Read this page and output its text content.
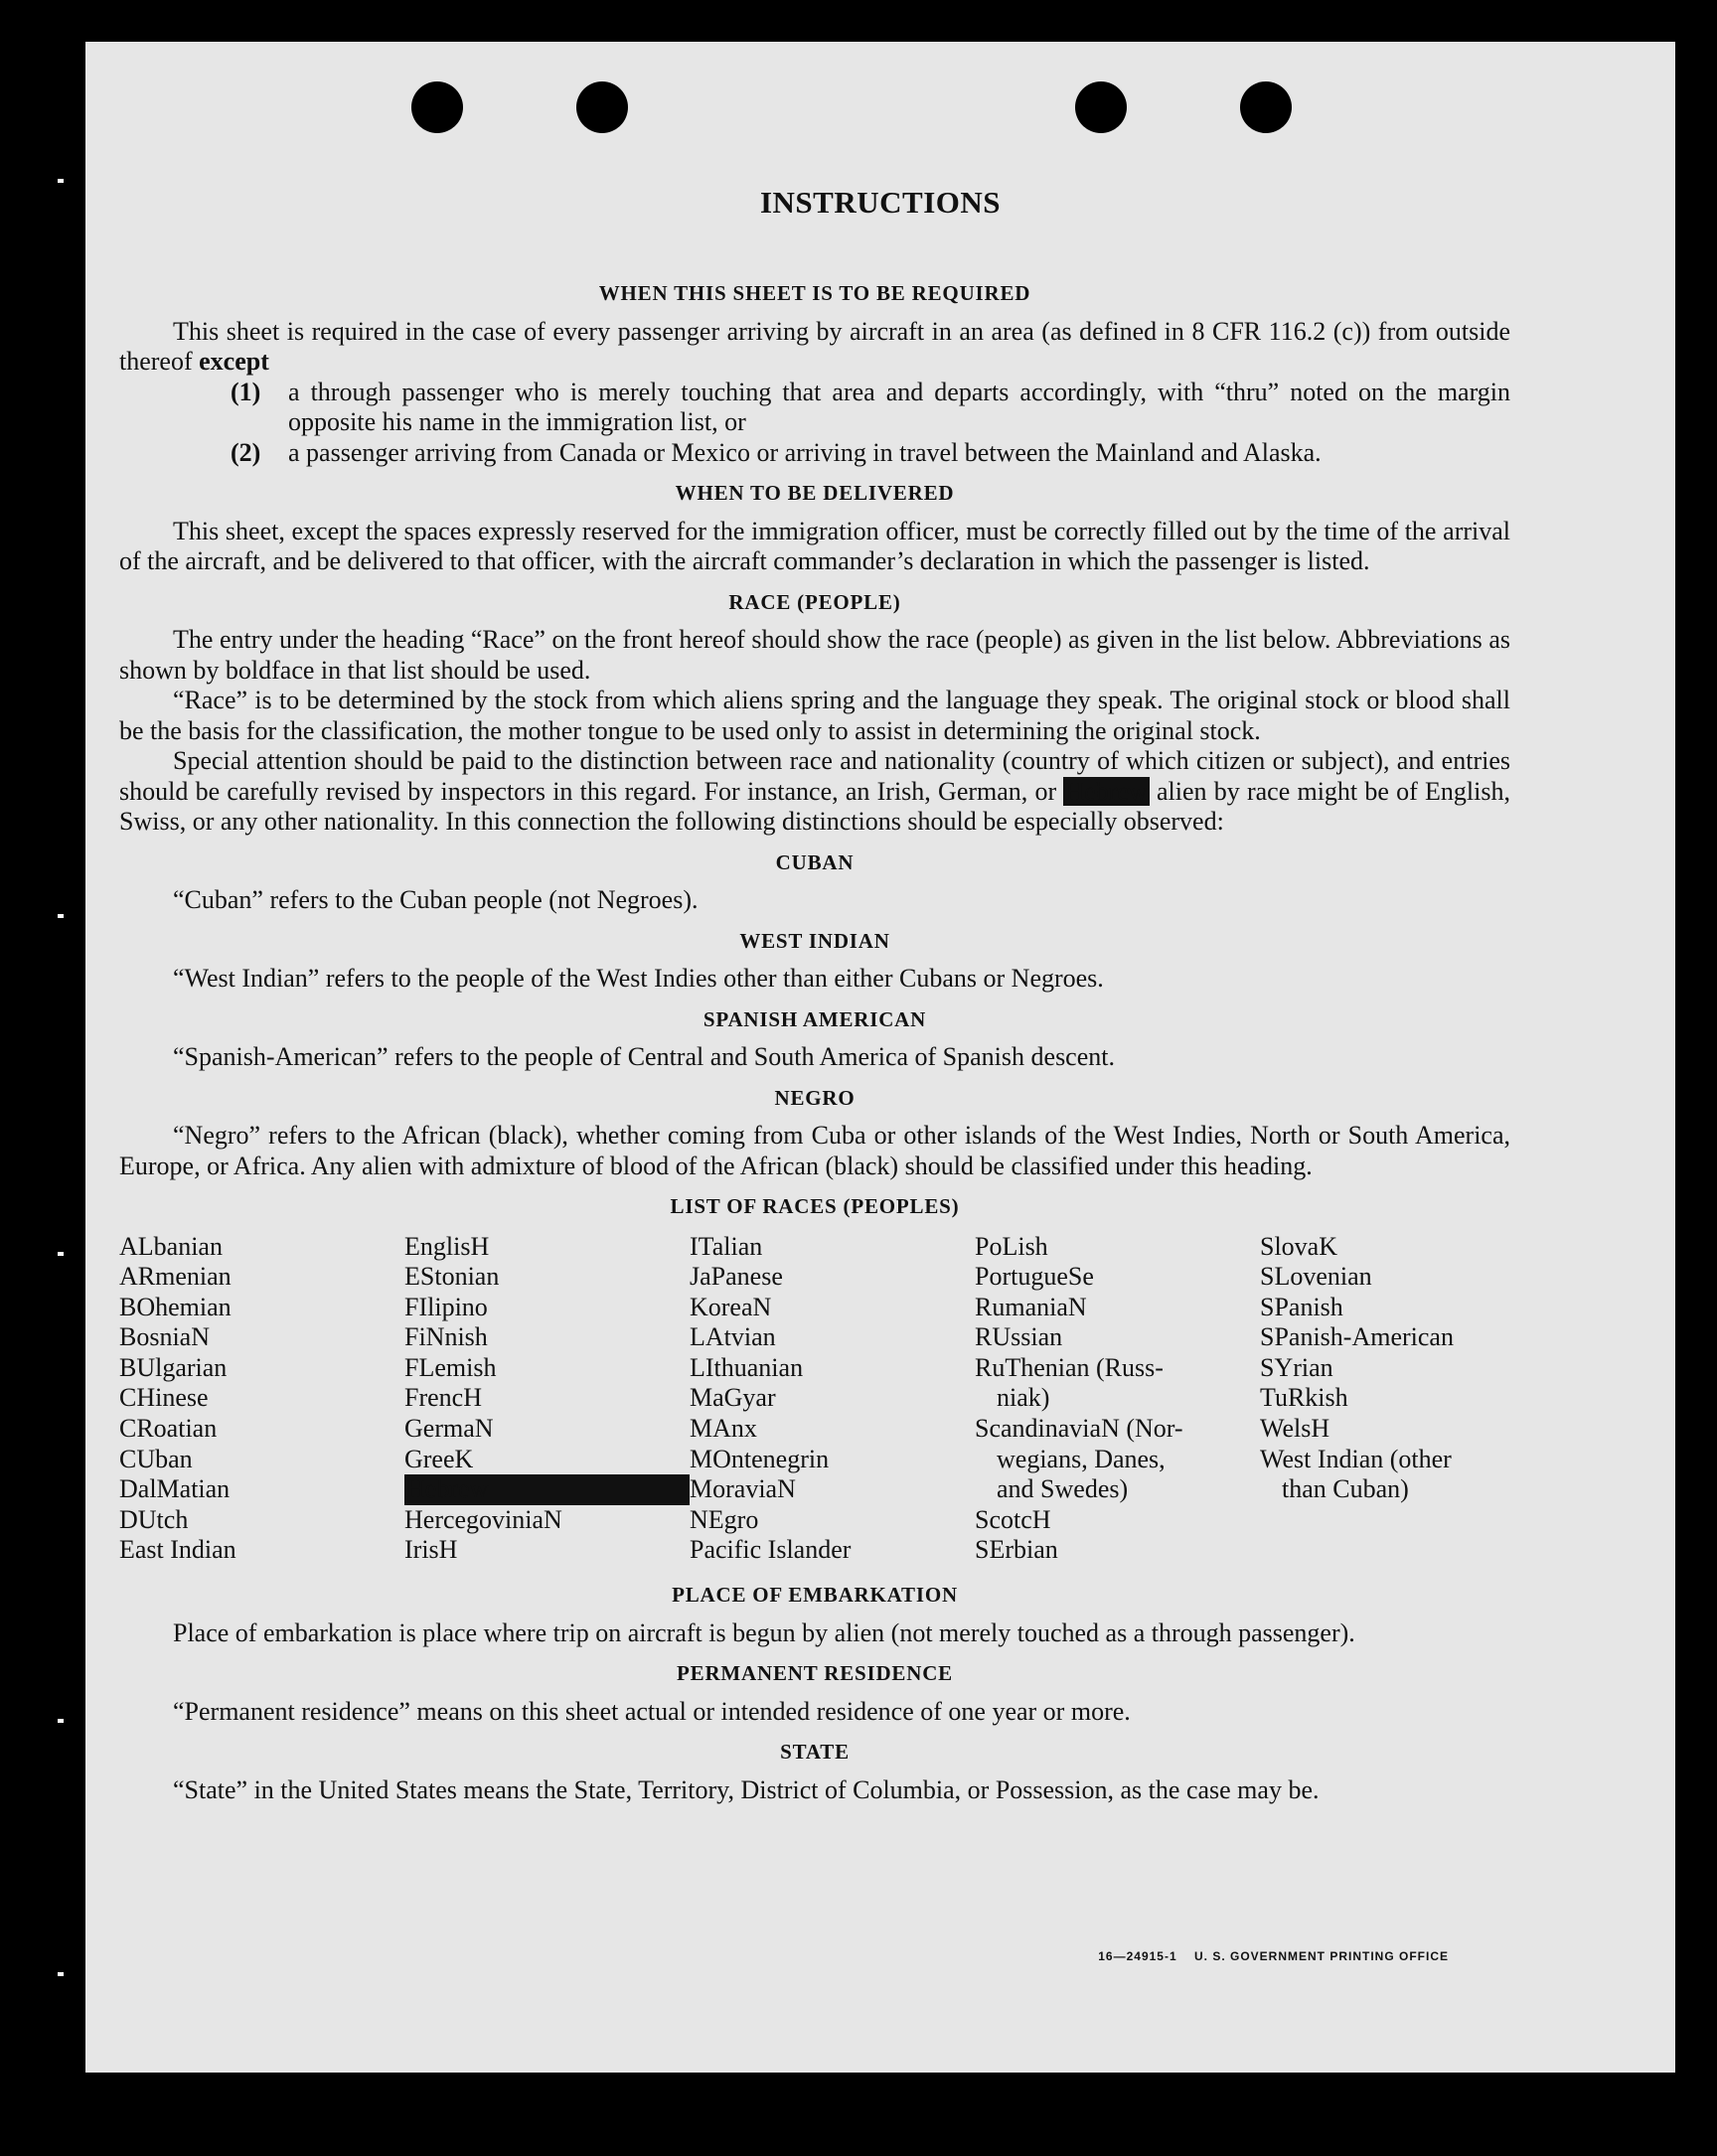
INSTRUCTIONS
WHEN THIS SHEET IS TO BE REQUIRED

This sheet is required in the case of every passenger arriving by aircraft in an area (as defined in 8 CFR 116.2 (c)) from outside thereof except

(1)	a through passenger who is merely touching that area and departs accordingly, with “thru” noted on the margin opposite his name in the immigration list, or
(2)	a passenger arriving from Canada or Mexico or arriving in travel between the Mainland and Alaska.
WHEN TO BE DELIVERED

This sheet, except the spaces expressly reserved for the immigration officer, must be correctly filled out by the time of the arrival of the aircraft, and be delivered to that officer, with the aircraft commander’s declaration in which the passenger is listed.

RACE (PEOPLE)

The entry under the heading “Race” on the front hereof should show the race (people) as given in the list below. Abbreviations as shown by boldface in that list should be used.

“Race” is to be determined by the stock from which aliens spring and the language they speak. The original stock or blood shall be the basis for the classification, the mother tongue to be used only to assist in determining the original stock.

Special attention should be paid to the distinction between race and nationality (country of which citizen or subject), and entries should be carefully revised by inspectors in this regard. For instance, an Irish, German, or Hebrew alien by race might be of English, Swiss, or any other nationality. In this connection the following distinctions should be especially observed:

CUBAN

“Cuban” refers to the Cuban people (not Negroes).

WEST INDIAN

“West Indian” refers to the people of the West Indies other than either Cubans or Negroes.

SPANISH AMERICAN

“Spanish-American” refers to the people of Central and South America of Spanish descent.

NEGRO

“Negro” refers to the African (black), whether coming from Cuba or other islands of the West Indies, North or South America, Europe, or Africa. Any alien with admixture of blood of the African (black) should be classified under this heading.

LIST OF RACES (PEOPLES)
ALbanian
ARmenian
BOhemian
BosniaN
BUlgarian
CHinese
CRoatian
CUban
DalMatian
DUtch
East Indian
EnglisH
EStonian
FIlipino
FiNnish
FLemish
FrencH
GermaN
GreeK
Hebrew
HercegoviniaN
IrisH
ITalian
JaPanese
KoreaN
LAtvian
LIthuanian
MaGyar
MAnx
MOntenegrin
MoraviaN
NEgro
Pacific Islander
PoLish
PortugueSe
RumaniaN
RUssian
RuThenian (Russ-
niak)
ScandinaviaN (Nor-
wegians, Danes,
and Swedes)
ScotcH
SErbian
SlovaK
SLovenian
SPanish
SPanish-American
SYrian
TuRkish
WelsH
West Indian (other
than Cuban)
PLACE OF EMBARKATION

Place of embarkation is place where trip on aircraft is begun by alien (not merely touched as a through passenger).

PERMANENT RESIDENCE

“Permanent residence” means on this sheet actual or intended residence of one year or more.

STATE

“State” in the United States means the State, Territory, District of Columbia, or Possession, as the case may be.

16—24915-1 U. S. GOVERNMENT PRINTING OFFICE
